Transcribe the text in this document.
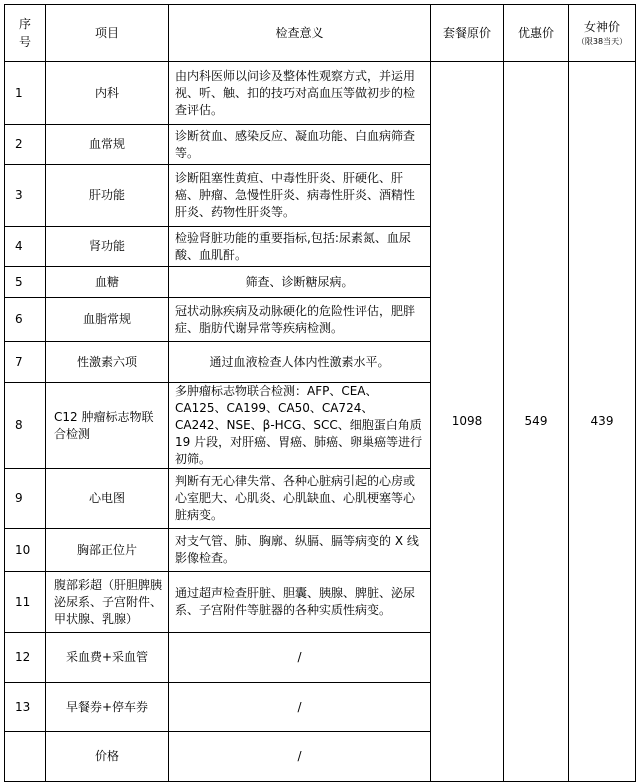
序号	项目	检查意义	套餐原价	优惠价	女神价
（限38当天）

1	内科	由内科医师以问诊及整体性观察方式，并运用视、听、触、扣的技巧对高血压等做初步的检查评估。	1098	549	439
2	血常规	诊断贫血、感染反应、凝血功能、白血病筛查等。			
3	肝功能	诊断阻塞性黄疸、中毒性肝炎、肝硬化、肝癌、肿瘤、急慢性肝炎、病毒性肝炎、酒精性肝炎、药物性肝炎等。			
4	肾功能	检验肾脏功能的重要指标,包括:尿素氮、血尿酸、血肌酐。			
5	血糖	筛查、诊断糖尿病。			
6	血脂常规	冠状动脉疾病及动脉硬化的危险性评估，肥胖症、脂肪代谢异常等疾病检测。			
7	性激素六项	通过血液检查人体内性激素水平。			
8	C12 肿瘤标志物联合检测	多肿瘤标志物联合检测：AFP、CEA、CA125、CA199、CA50、CA724、CA242、NSE、β-HCG、SCC、细胞蛋白角质 19 片段，对肝癌、胃癌、肺癌、卵巢癌等进行初筛。			
9	心电图	判断有无心律失常、各种心脏病引起的心房或心室肥大、心肌炎、心肌缺血、心肌梗塞等心脏病变。			
10	胸部正位片	对支气管、肺、胸廓、纵膈、膈等病变的 X 线影像检查。			
11	腹部彩超（肝胆脾胰泌尿系、子宫附件、甲状腺、乳腺）	通过超声检查肝脏、胆囊、胰腺、脾脏、泌尿系、子宫附件等脏器的各种实质性病变。			
12	采血费+采血管	/			
13	早餐券+停车券	/			
	价格	/			
